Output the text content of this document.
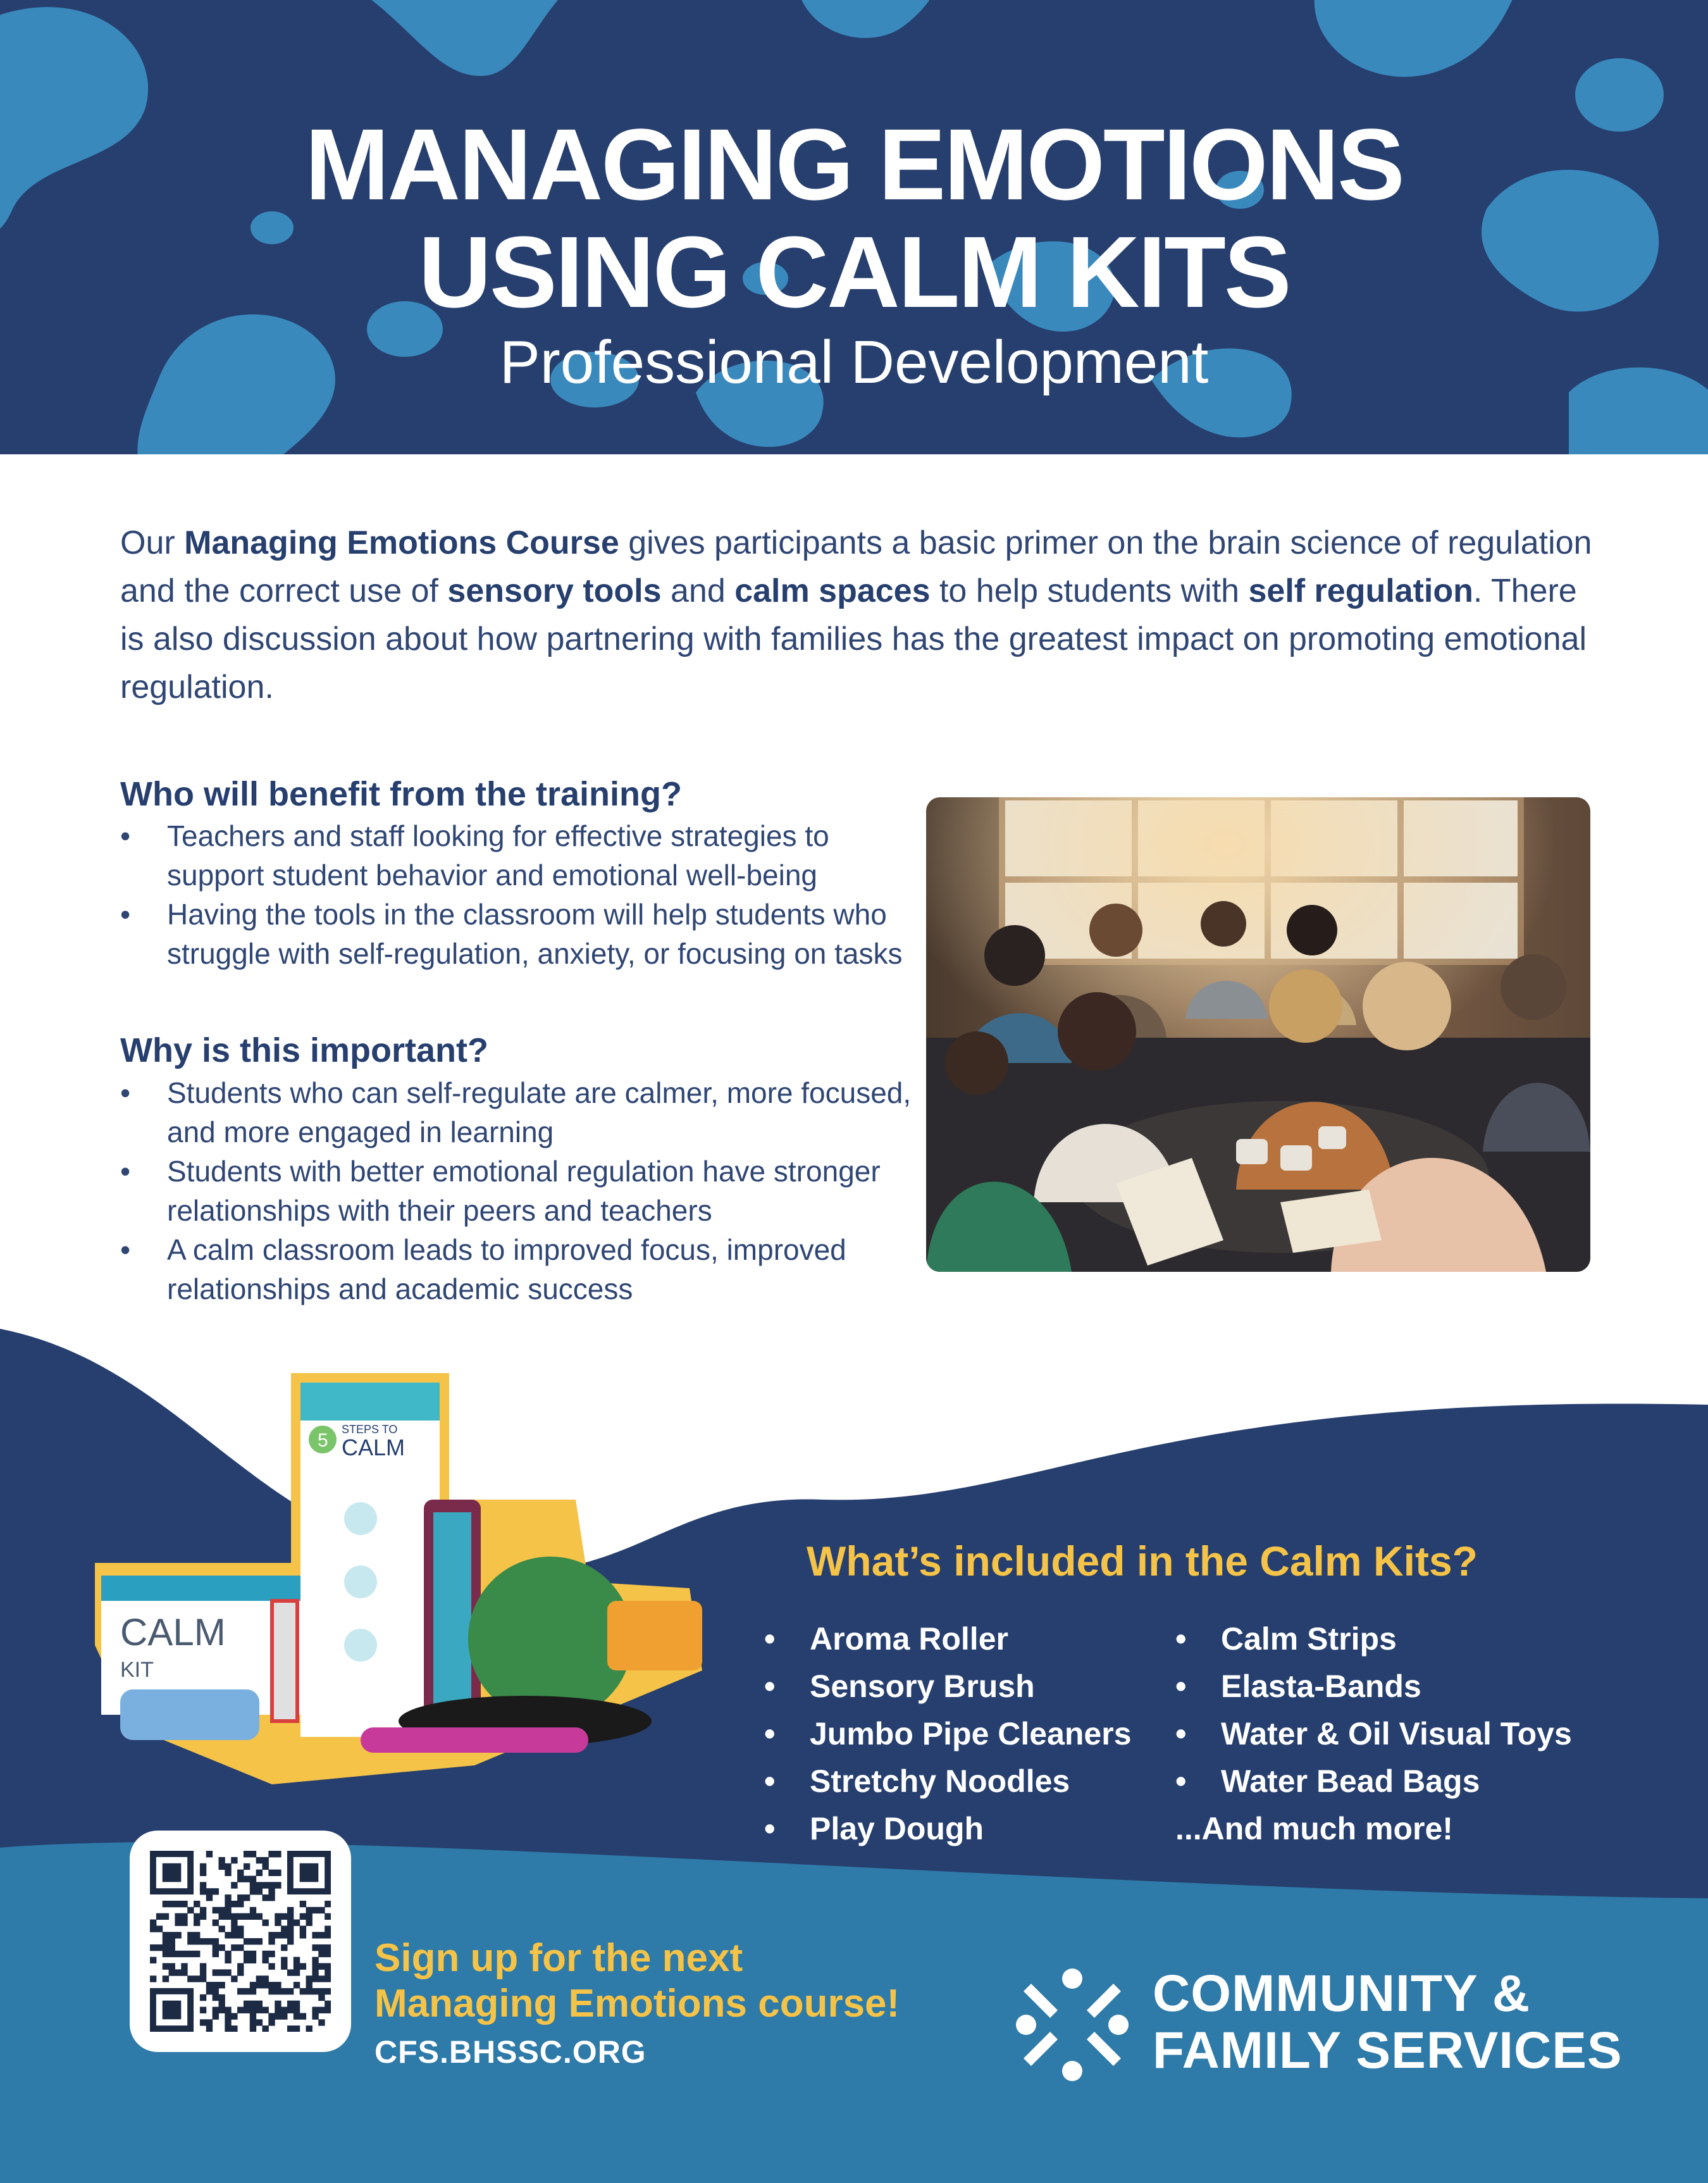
MANAGING EMOTIONS
USING CALM KITS
Professional Development
Our Managing Emotions Course gives participants a basic primer on the brain science of regulation and the correct use of sensory tools and calm spaces to help students with self regulation. There is also discussion about how partnering with families has the greatest impact on promoting emotional regulation.
Who will benefit from the training?
• Teachers and staff looking for effective strategies to support student behavior and emotional well-being
• Having the tools in the classroom will help students who struggle with self-regulation, anxiety, or focusing on tasks
Why is this important?
• Students who can self-regulate are calmer, more focused, and more engaged in learning
• Students with better emotional regulation have stronger relationships with their peers and teachers
• A calm classroom leads to improved focus, improved relationships and academic success
CALM
KIT
5
STEPS TO
CALM
What’s included in the Calm Kits?
• Aroma Roller
• Sensory Brush
• Jumbo Pipe Cleaners
• Stretchy Noodles
• Play Dough
• Calm Strips
• Elasta-Bands
• Water & Oil Visual Toys
• Water Bead Bags
...And much more!
Sign up for the next
Managing Emotions course!
CFS.BHSSC.ORG
COMMUNITY &
FAMILY SERVICES
